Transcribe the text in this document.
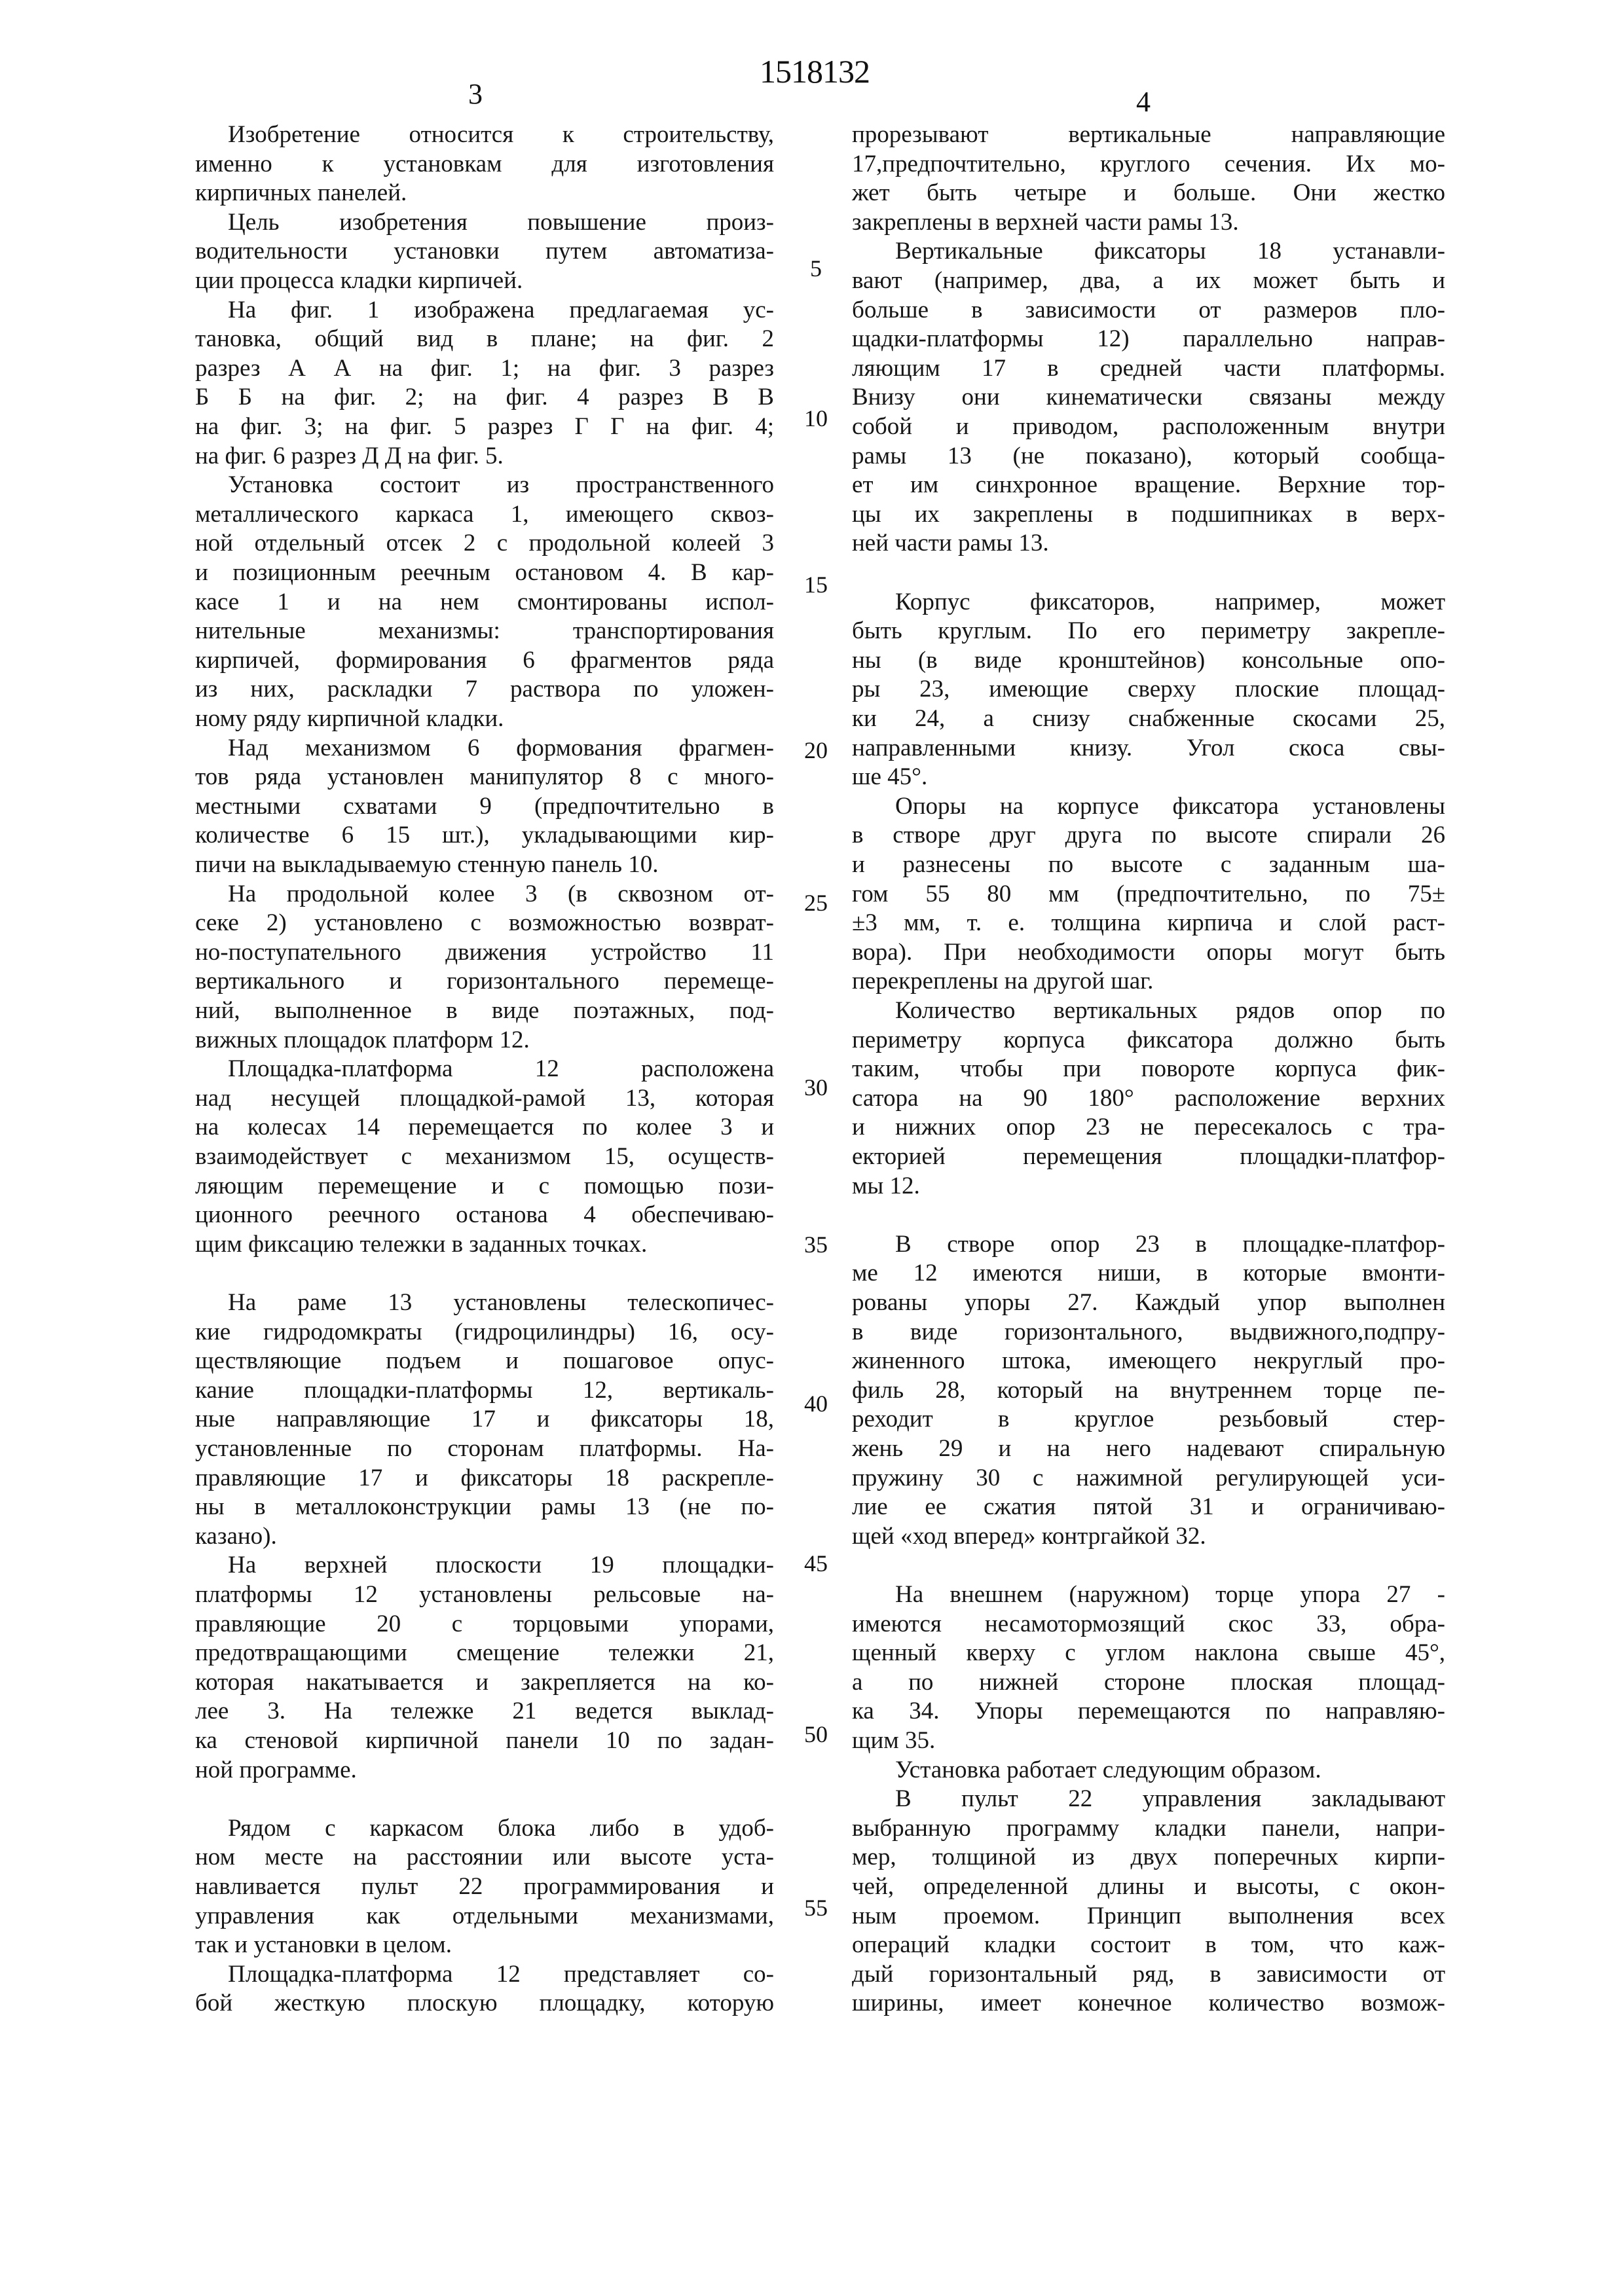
1518132
3	4
Изобретение относится к строительству,
именно к установкам для изготовления
кирпичных панелей.
Цель изобретения повышение произ-
водительности установки путем автоматиза-
ции процесса кладки кирпичей.
На фиг. 1 изображена предлагаемая ус-
тановка, общий вид в плане; на фиг. 2
разрез А А на фиг. 1; на фиг. 3 разрез
Б Б на фиг. 2; на фиг. 4 разрез В В
на фиг. 3; на фиг. 5 разрез Г Г на фиг. 4;
на фиг. 6 разрез Д Д на фиг. 5.
Установка состоит из пространственного
металлического каркаса 1, имеющего сквоз-
ной отдельный отсек 2 с продольной колеей 3
и позиционным реечным остановом 4. В кар-
касе 1 и на нем смонтированы испол-
нительные механизмы: транспортирования
кирпичей, формирования 6 фрагментов ряда
из них, раскладки 7 раствора по уложен-
ному ряду кирпичной кладки.
Над механизмом 6 формования фрагмен-
тов ряда установлен манипулятор 8 с много-
местными схватами 9 (предпочтительно в
количестве 6 15 шт.), укладывающими кир-
пичи на выкладываемую стенную панель 10.
На продольной колее 3 (в сквозном от-
секе 2) установлено с возможностью возврат-
но-поступательного движения устройство 11
вертикального и горизонтального перемеще-
ний, выполненное в виде поэтажных, под-
вижных площадок платформ 12.
Площадка-платформа 12 расположена
над несущей площадкой-рамой 13, которая
на колесах 14 перемещается по колее 3 и
взаимодействует с механизмом 15, осуществ-
ляющим перемещение и с помощью пози-
ционного реечного останова 4 обеспечиваю-
щим фиксацию тележки в заданных точках.
На раме 13 установлены телескопичес-
кие гидродомкраты (гидроцилиндры) 16, осу-
ществляющие подъем и пошаговое опус-
кание площадки-платформы 12, вертикаль-
ные направляющие 17 и фиксаторы 18,
установленные по сторонам платформы. На-
правляющие 17 и фиксаторы 18 раскрепле-
ны в металлоконструкции рамы 13 (не по-
казано).
На верхней плоскости 19 площадки-
платформы 12 установлены рельсовые на-
правляющие 20 с торцовыми упорами,
предотвращающими смещение тележки 21,
которая накатывается и закрепляется на ко-
лее 3. На тележке 21 ведется выклад-
ка стеновой кирпичной панели 10 по задан-
ной программе.
Рядом с каркасом блока либо в удоб-
ном месте на расстоянии или высоте уста-
навливается пульт 22 программирования и
управления как отдельными механизмами,
так и установки в целом.
Площадка-платформа 12 представляет со-
бой жесткую плоскую площадку, которую
прорезывают вертикальные направляющие
17,предпочтительно, круглого сечения. Их мо-
жет быть четыре и больше. Они жестко
закреплены в верхней части рамы 13.
Вертикальные фиксаторы 18 устанавли-
вают (например, два, а их может быть и
больше в зависимости от размеров пло-
щадки-платформы 12) параллельно направ-
ляющим 17 в средней части платформы.
Внизу они кинематически связаны между
собой и приводом, расположенным внутри
рамы 13 (не показано), который сообща-
ет им синхронное вращение. Верхние тор-
цы их закреплены в подшипниках в верх-
ней части рамы 13.
Корпус фиксаторов, например, может
быть круглым. По его периметру закрепле-
ны (в виде кронштейнов) консольные опо-
ры 23, имеющие сверху плоские площад-
ки 24, а снизу снабженные скосами 25,
направленными книзу. Угол скоса свы-
ше 45°.
Опоры на корпусе фиксатора установлены
в створе друг друга по высоте спирали 26
и разнесены по высоте с заданным ша-
гом 55 80 мм (предпочтительно, по 75±
±3 мм, т. е. толщина кирпича и слой раст-
вора). При необходимости опоры могут быть
перекреплены на другой шаг.
Количество вертикальных рядов опор по
периметру корпуса фиксатора должно быть
таким, чтобы при повороте корпуса фик-
сатора на 90 180° расположение верхних
и нижних опор 23 не пересекалось с тра-
екторией перемещения площадки-платфор-
мы 12.
В створе опор 23 в площадке-платфор-
ме 12 имеются ниши, в которые вмонти-
рованы упоры 27. Каждый упор выполнен
в виде горизонтального, выдвижного,подпру-
жиненного штока, имеющего некруглый про-
филь 28, который на внутреннем торце пе-
реходит в круглое резьбовый стер-
жень 29 и на него надевают спиральную
пружину 30 с нажимной регулирующей уси-
лие ее сжатия пятой 31 и ограничиваю-
щей «ход вперед» контргайкой 32.
На внешнем (наружном) торце упора 27 -
имеются несамотормозящий скос 33, обра-
щенный кверху с углом наклона свыше 45°,
а по нижней стороне плоская площад-
ка 34. Упоры перемещаются по направляю-
щим 35.
Установка работает следующим образом.
В пульт 22 управления закладывают
выбранную программу кладки панели, напри-
мер, толщиной из двух поперечных кирпи-
чей, определенной длины и высоты, с окон-
ным проемом. Принцип выполнения всех
операций кладки состоит в том, что каж-
дый горизонтальный ряд, в зависимости от
ширины, имеет конечное количество возмож-
5
10
15
20
25
30
35
40
45
50
55
